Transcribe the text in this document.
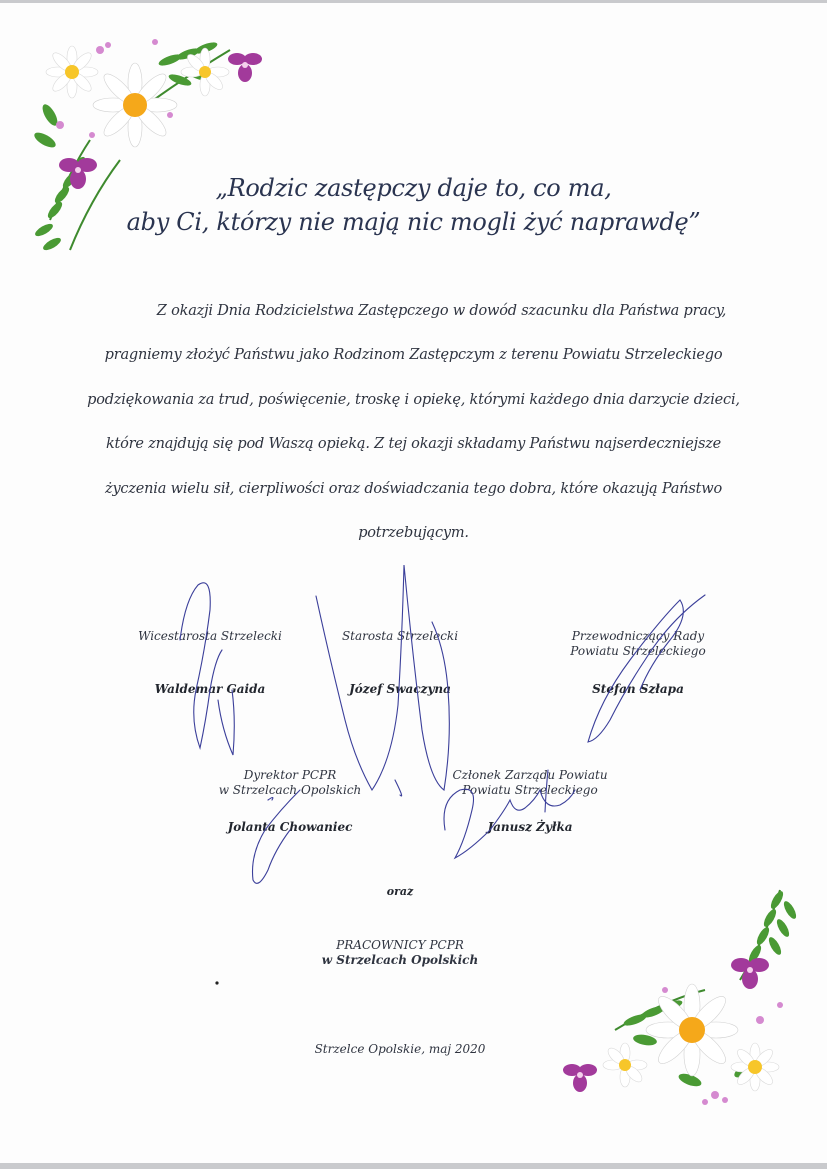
„Rodzic zastępczy daje to, co ma,
aby Ci, którzy nie mają nic mogli żyć naprawdę”
Z okazji Dnia Rodzicielstwa Zastępczego w dowód szacunku dla Państwa pracy,
pragniemy złożyć Państwu jako Rodzinom Zastępczym z terenu Powiatu Strzeleckiego
podziękowania za trud, poświęcenie, troskę i opiekę, którymi każdego dnia darzycie dzieci,
które znajdują się pod Waszą opieką. Z tej okazji składamy Państwu najserdeczniejsze
życzenia wielu sił, cierpliwości oraz doświadczania tego dobra, które okazują Państwo
potrzebującym.
Wicestarosta Strzelecki
Waldemar Gaida
Starosta Strzelecki
Józef Swaczyna
Przewodniczący Rady
Powiatu Strzeleckiego
Stefan Szłapa
Dyrektor PCPR
w Strzelcach Opolskich
Jolanta Chowaniec
Członek Zarządu Powiatu
Powiatu Strzeleckiego
Janusz Żyłka
oraz
PRACOWNICY PCPR
w Strzelcach Opolskich
Strzelce Opolskie, maj 2020
